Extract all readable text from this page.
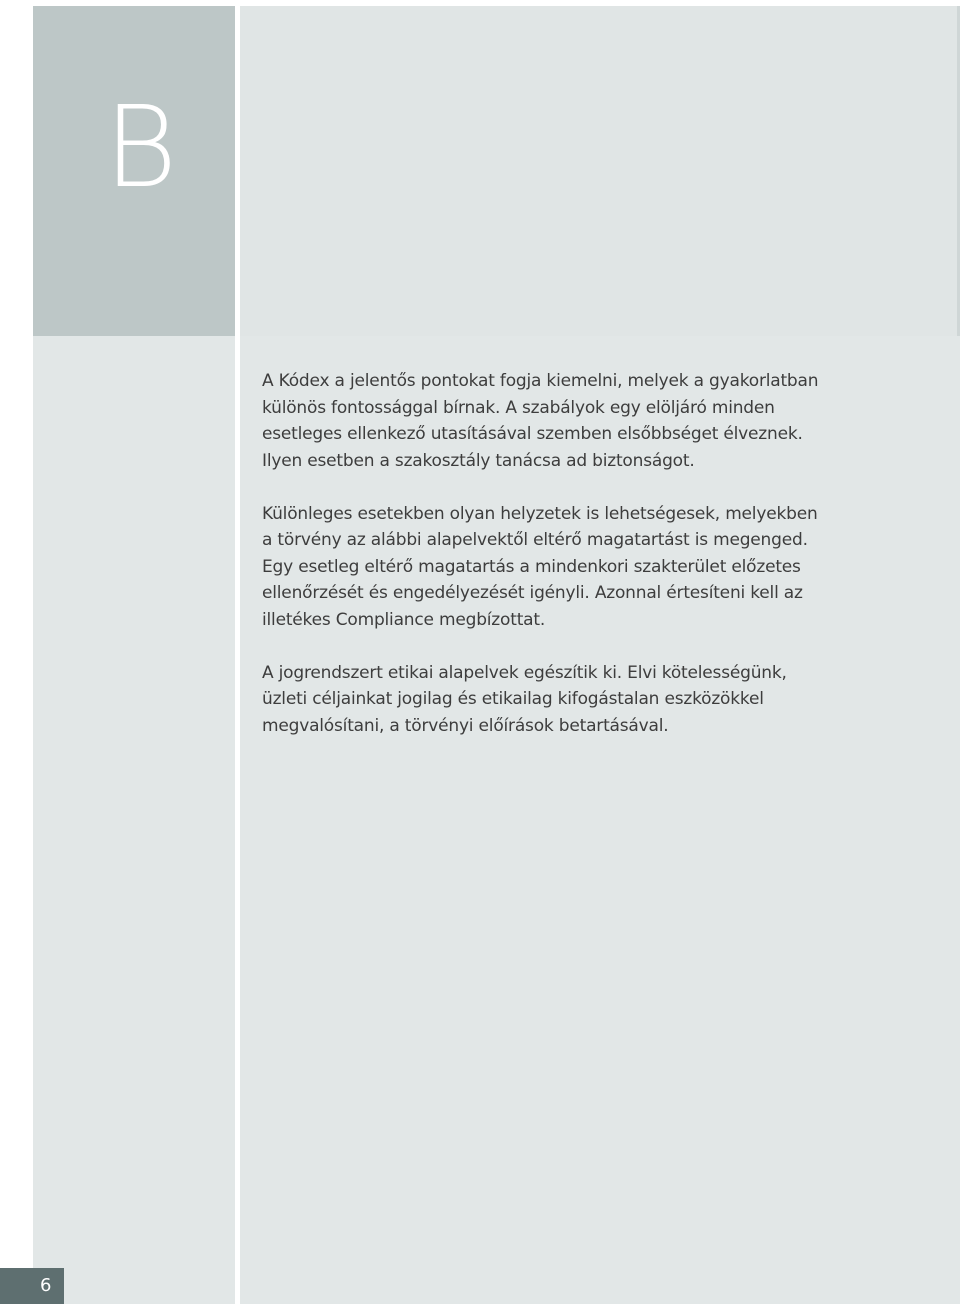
B

A Kódex a jelentős pontokat fogja kiemelni, melyek a gyakorlatban
különös fontossággal bírnak. A szabályok egy elöljáró minden
esetleges ellenkező utasításával szemben elsőbbséget élveznek.
Ilyen esetben a szakosztály tanácsa ad biztonságot.

Különleges esetekben olyan helyzetek is lehetségesek, melyekben
a törvény az alábbi alapelvektől eltérő magatartást is megenged.
Egy esetleg eltérő magatartás a mindenkori szakterület előzetes
ellenőrzését és engedélyezését igényli. Azonnal értesíteni kell az
illetékes Compliance megbízottat.

A jogrendszert etikai alapelvek egészítik ki. Elvi kötelességünk,
üzleti céljainkat jogilag és etikailag kifogástalan eszközökkel
megvalósítani, a törvényi előírások betartásával.

6
